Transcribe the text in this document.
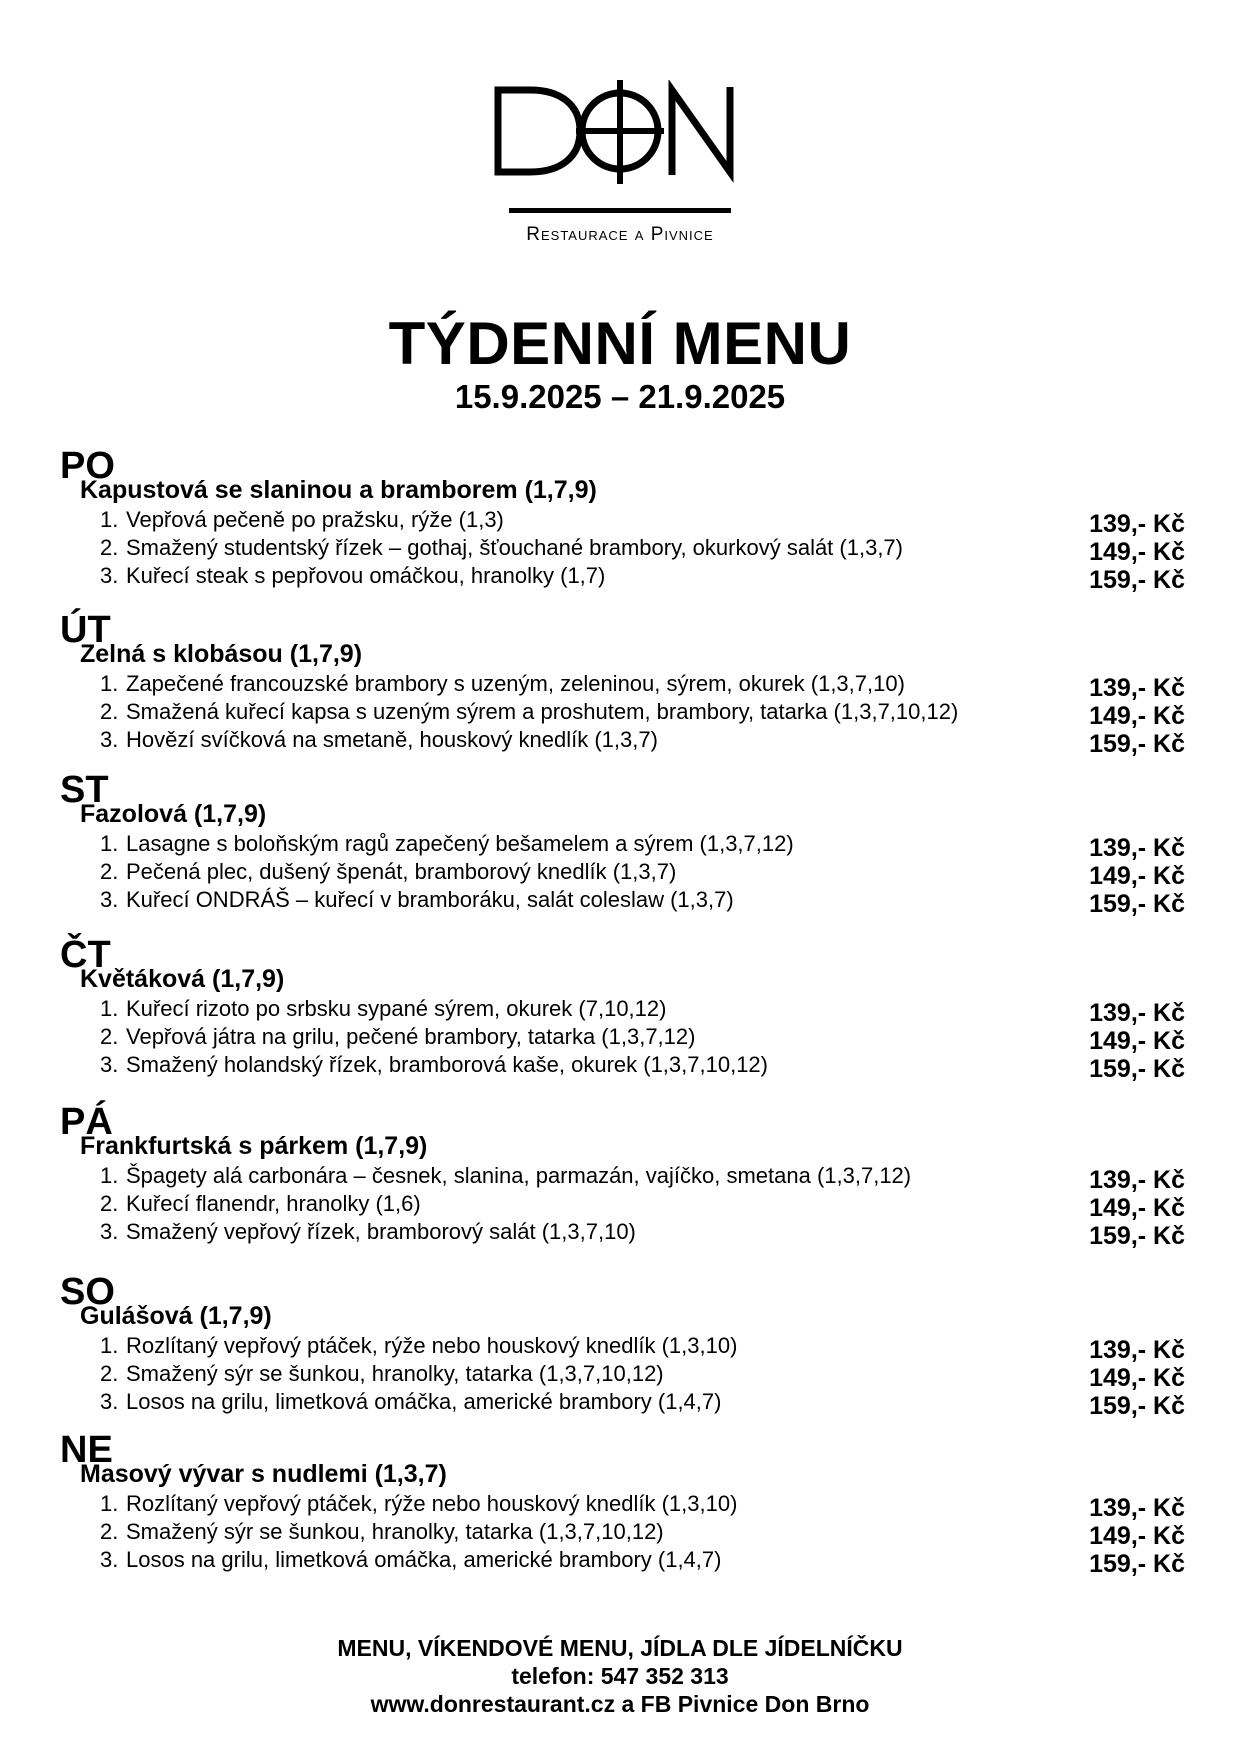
Restaurace a Pivnice
TÝDENNÍ MENU
15.9.2025 – 21.9.2025
PO
Kapustová se slaninou a bramborem (1,7,9)
1. Vepřová pečeně po pražsku, rýže (1,3)	139,- Kč
2. Smažený studentský řízek – gothaj, šťouchané brambory, okurkový salát (1,3,7)	149,- Kč
3. Kuřecí steak s pepřovou omáčkou, hranolky (1,7)	159,- Kč
ÚT
Zelná s klobásou (1,7,9)
1. Zapečené francouzské brambory s uzeným, zeleninou, sýrem, okurek (1,3,7,10)	139,- Kč
2. Smažená kuřecí kapsa s uzeným sýrem a proshutem, brambory, tatarka (1,3,7,10,12)	149,- Kč
3. Hovězí svíčková na smetaně, houskový knedlík (1,3,7)	159,- Kč
ST
Fazolová (1,7,9)
1. Lasagne s boloňským ragů zapečený bešamelem a sýrem (1,3,7,12)	139,- Kč
2. Pečená plec, dušený špenát, bramborový knedlík (1,3,7)	149,- Kč
3. Kuřecí ONDRÁŠ – kuřecí v bramboráku, salát coleslaw (1,3,7)	159,- Kč
ČT
Květáková (1,7,9)
1. Kuřecí rizoto po srbsku sypané sýrem, okurek (7,10,12)	139,- Kč
2. Vepřová játra na grilu, pečené brambory, tatarka (1,3,7,12)	149,- Kč
3. Smažený holandský řízek, bramborová kaše, okurek (1,3,7,10,12)	159,- Kč
PÁ
Frankfurtská s párkem (1,7,9)
1. Špagety alá carbonára – česnek, slanina, parmazán, vajíčko, smetana (1,3,7,12)	139,- Kč
2. Kuřecí flanendr, hranolky (1,6)	149,- Kč
3. Smažený vepřový řízek, bramborový salát (1,3,7,10)	159,- Kč
SO
Gulášová (1,7,9)
1. Rozlítaný vepřový ptáček, rýže nebo houskový knedlík (1,3,10)	139,- Kč
2. Smažený sýr se šunkou, hranolky, tatarka (1,3,7,10,12)	149,- Kč
3. Losos na grilu, limetková omáčka, americké brambory (1,4,7)	159,- Kč
NE
Masový vývar s nudlemi (1,3,7)
1. Rozlítaný vepřový ptáček, rýže nebo houskový knedlík (1,3,10)	139,- Kč
2. Smažený sýr se šunkou, hranolky, tatarka (1,3,7,10,12)	149,- Kč
3. Losos na grilu, limetková omáčka, americké brambory (1,4,7)	159,- Kč
MENU, VÍKENDOVÉ MENU, JÍDLA DLE JÍDELNÍČKU
telefon: 547 352 313
www.donrestaurant.cz a FB Pivnice Don Brno
